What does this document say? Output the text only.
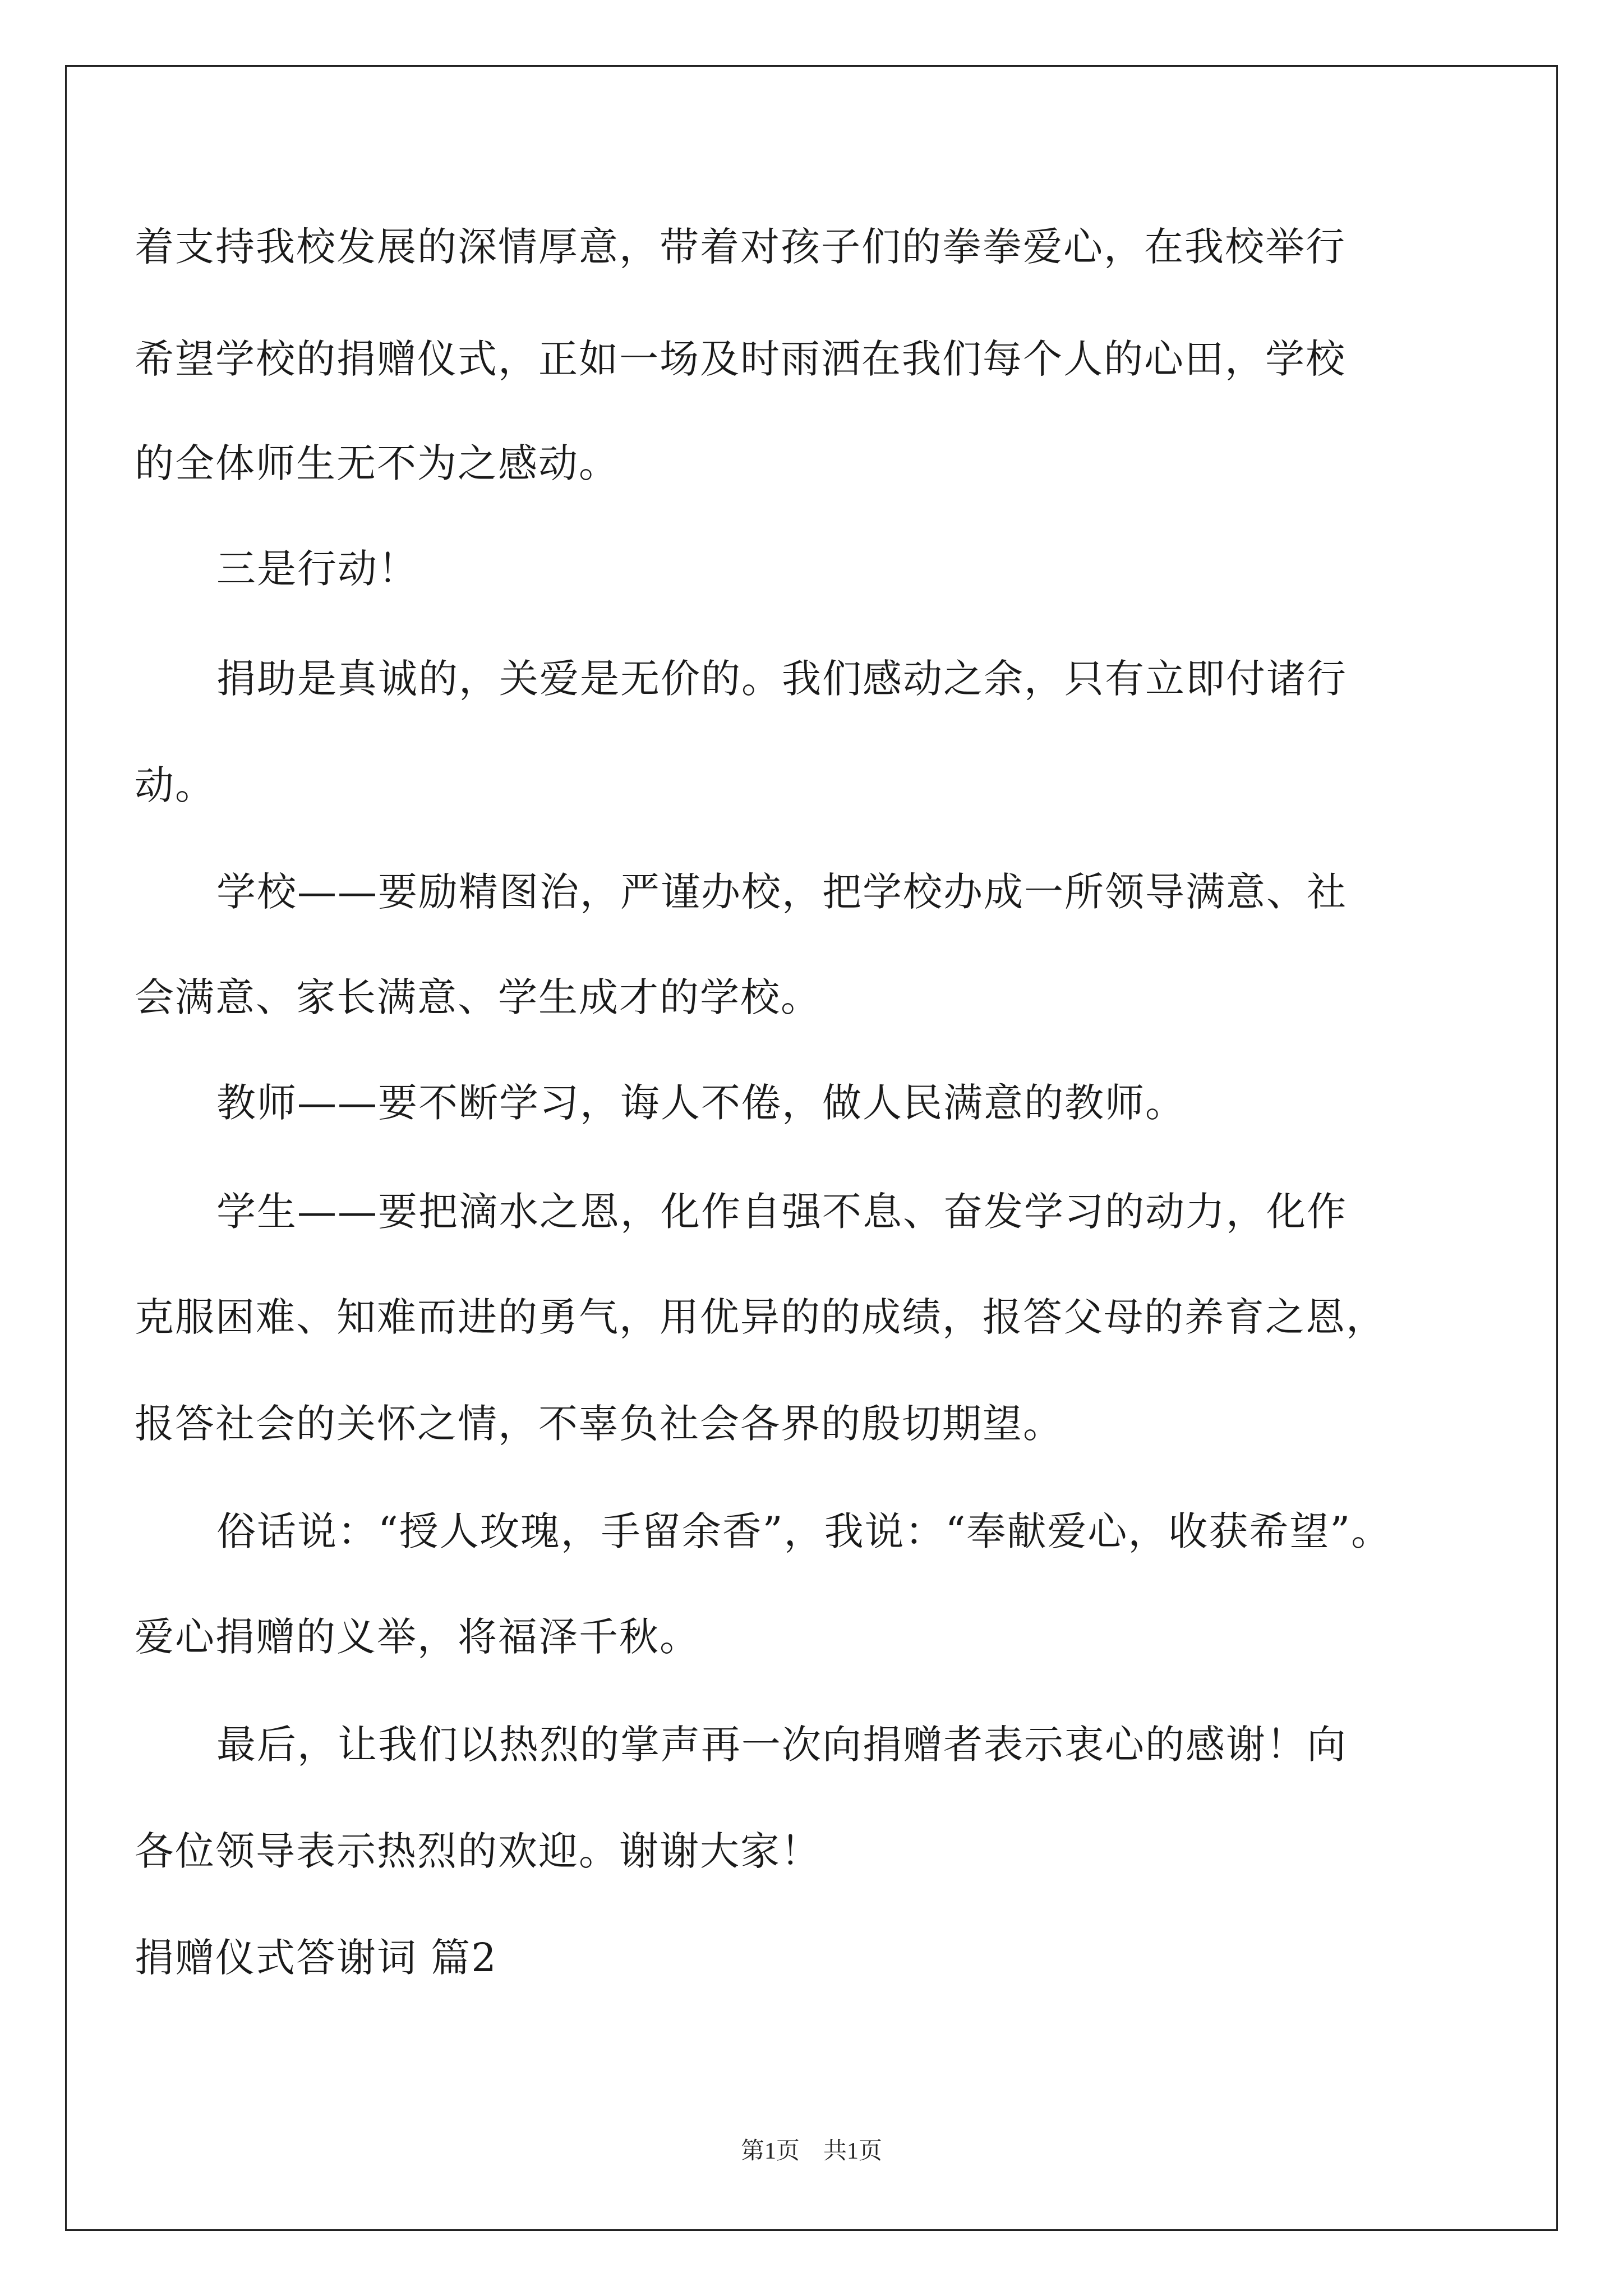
着支持我校发展的深情厚意，带着对孩子们的拳拳爱心，在我校举行
希望学校的捐赠仪式，正如一场及时雨洒在我们每个人的心田，学校
的全体师生无不为之感动。
三是行动！
捐助是真诚的，关爱是无价的。我们感动之余，只有立即付诸行
动。
学校——要励精图治，严谨办校，把学校办成一所领导满意、社
会满意、家长满意、学生成才的学校。
教师——要不断学习，诲人不倦，做人民满意的教师。
学生——要把滴水之恩，化作自强不息、奋发学习的动力，化作
克服困难、知难而进的勇气，用优异的的成绩，报答父母的养育之恩，
报答社会的关怀之情，不辜负社会各界的殷切期望。
俗话说：“授人玫瑰，手留余香”，我说：“奉献爱心，收获希望”。
爱心捐赠的义举，将福泽千秋。
最后，让我们以热烈的掌声再一次向捐赠者表示衷心的感谢！向
各位领导表示热烈的欢迎。谢谢大家！
捐赠仪式答谢词 篇2
第1页　共1页
